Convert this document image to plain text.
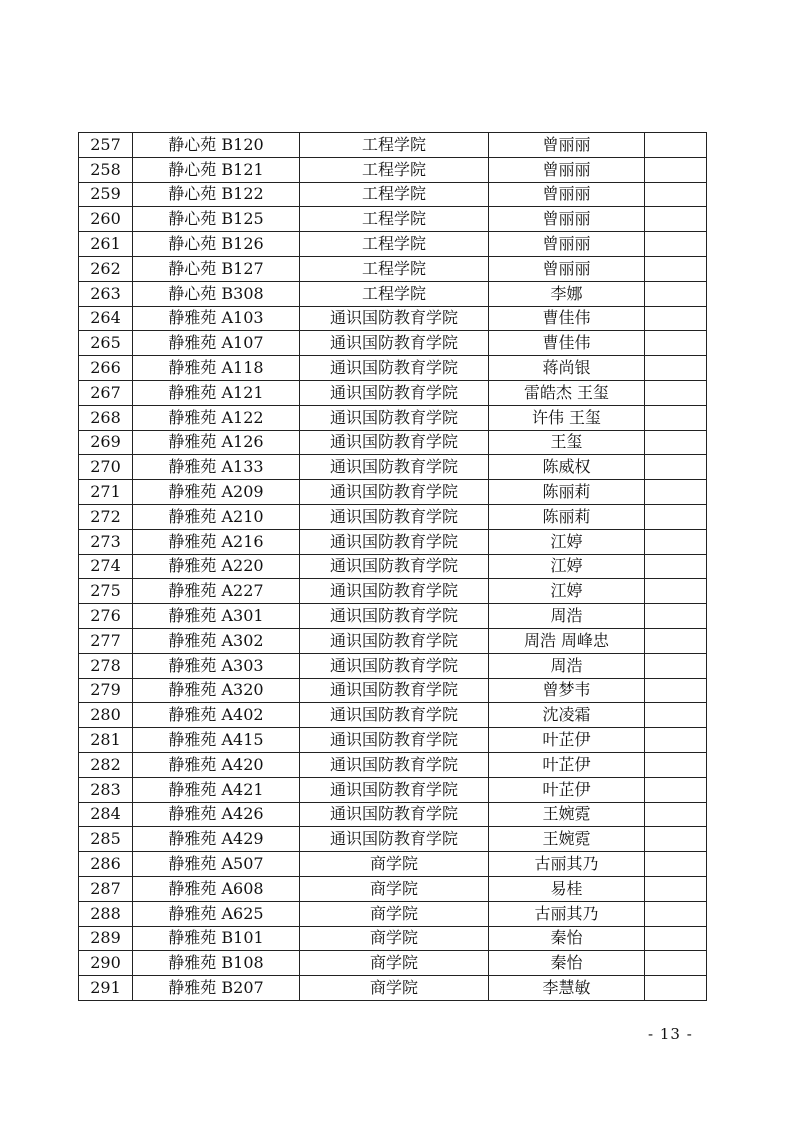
257	静心苑 B120	工程学院	曾丽丽	
258	静心苑 B121	工程学院	曾丽丽	
259	静心苑 B122	工程学院	曾丽丽	
260	静心苑 B125	工程学院	曾丽丽	
261	静心苑 B126	工程学院	曾丽丽	
262	静心苑 B127	工程学院	曾丽丽	
263	静心苑 B308	工程学院	李娜	
264	静雅苑 A103	通识国防教育学院	曹佳伟	
265	静雅苑 A107	通识国防教育学院	曹佳伟	
266	静雅苑 A118	通识国防教育学院	蒋尚银	
267	静雅苑 A121	通识国防教育学院	雷皓杰 王玺	
268	静雅苑 A122	通识国防教育学院	许伟 王玺	
269	静雅苑 A126	通识国防教育学院	王玺	
270	静雅苑 A133	通识国防教育学院	陈威权	
271	静雅苑 A209	通识国防教育学院	陈丽莉	
272	静雅苑 A210	通识国防教育学院	陈丽莉	
273	静雅苑 A216	通识国防教育学院	江婷	
274	静雅苑 A220	通识国防教育学院	江婷	
275	静雅苑 A227	通识国防教育学院	江婷	
276	静雅苑 A301	通识国防教育学院	周浩	
277	静雅苑 A302	通识国防教育学院	周浩 周峰忠	
278	静雅苑 A303	通识国防教育学院	周浩	
279	静雅苑 A320	通识国防教育学院	曾梦韦	
280	静雅苑 A402	通识国防教育学院	沈凌霜	
281	静雅苑 A415	通识国防教育学院	叶芷伊	
282	静雅苑 A420	通识国防教育学院	叶芷伊	
283	静雅苑 A421	通识国防教育学院	叶芷伊	
284	静雅苑 A426	通识国防教育学院	王婉霓	
285	静雅苑 A429	通识国防教育学院	王婉霓	
286	静雅苑 A507	商学院	古丽其乃	
287	静雅苑 A608	商学院	易桂	
288	静雅苑 A625	商学院	古丽其乃	
289	静雅苑 B101	商学院	秦怡	
290	静雅苑 B108	商学院	秦怡	
291	静雅苑 B207	商学院	李慧敏	
- 13 -
